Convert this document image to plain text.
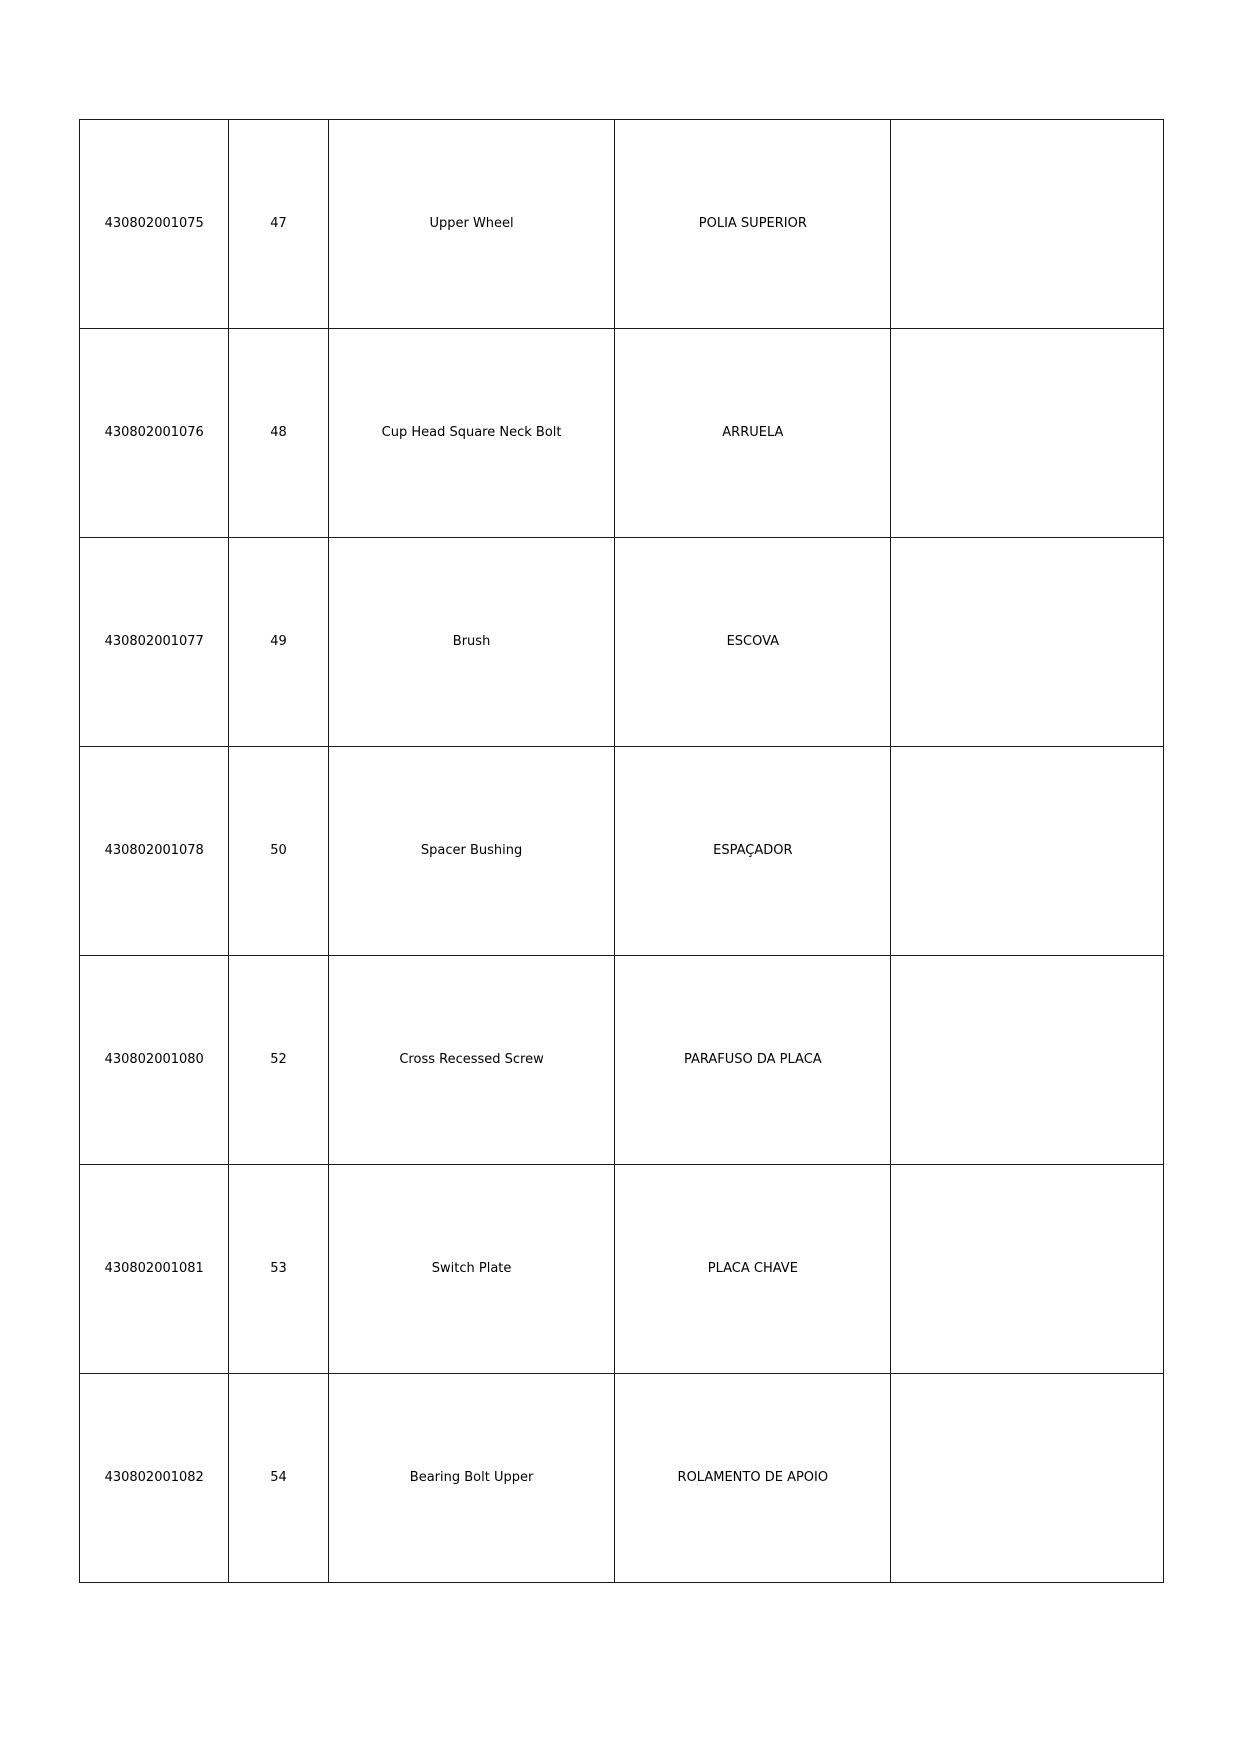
430802001075	47	Upper Wheel	POLIA SUPERIOR	
430802001076	48	Cup Head Square Neck Bolt	ARRUELA	
430802001077	49	Brush	ESCOVA	
430802001078	50	Spacer Bushing	ESPAÇADOR	
430802001080	52	Cross Recessed Screw	PARAFUSO DA PLACA	
430802001081	53	Switch Plate	PLACA CHAVE	
430802001082	54	Bearing Bolt Upper	ROLAMENTO DE APOIO	
